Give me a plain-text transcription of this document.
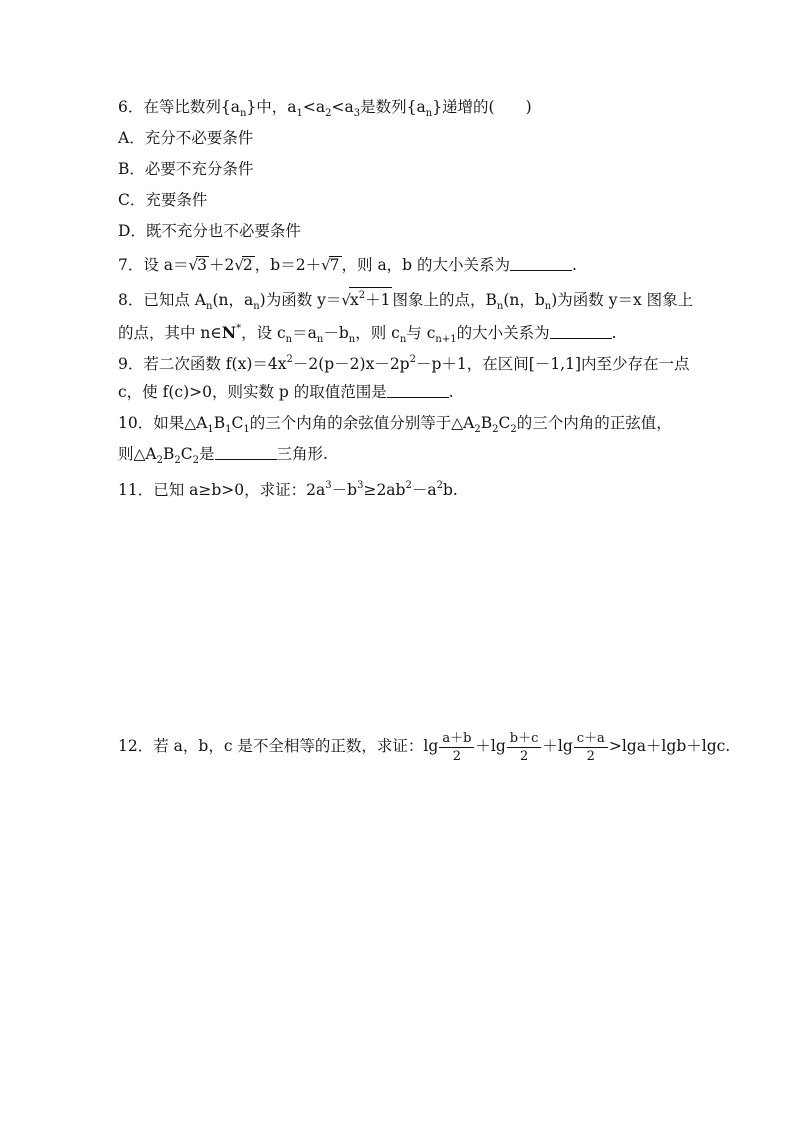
6．在等比数列$\{a_n\}$中，$a_1<a_2<a_3$是数列$\{a_n\}$递增的(　　)
A．充分不必要条件
B．必要不充分条件
C．充要条件
D．既不充分也不必要条件
7．设 a＝√3 ＋2√2 ，b＝2＋√7 ，则 a，b 的大小关系为	.
8．已知点 $A_n(n$，$a_n$)为函数 $y=√x^2+1$ 图象上的点，$B_n(n$，$b_n$)为函数 y＝x 图象上
的点，其中 n∈N*，设 $c_n=a_n-b_n$，则 $c_n$与 $c_{n+1}$的大小关系为	.
9．若二次函数 $f(x)=4x^2-2(p-2)x-2p^2-p+1$，在区间[－1,1]内至少存在一点
c，使 f(c)>0，则实数 p 的取值范围是	.
10．如果$\triangle A_1B_1C_1$的三个内角的余弦值分别等于$\triangle A_2B_2C_2$的三个内角的正弦值，
则$\triangle A_2B_2C_2$是	三角形.
11．已知 a≥b>0，求证：$2a^3-b^3\ge 2ab^2-a^2b$.
12．若 a，b，c 是不全相等的正数，求证：$\lg \frac{a+b}{2} +\lg \frac{b+c}{2} +\lg \frac{c+a}{2} >\lg a+\lg b+\lg c$.
